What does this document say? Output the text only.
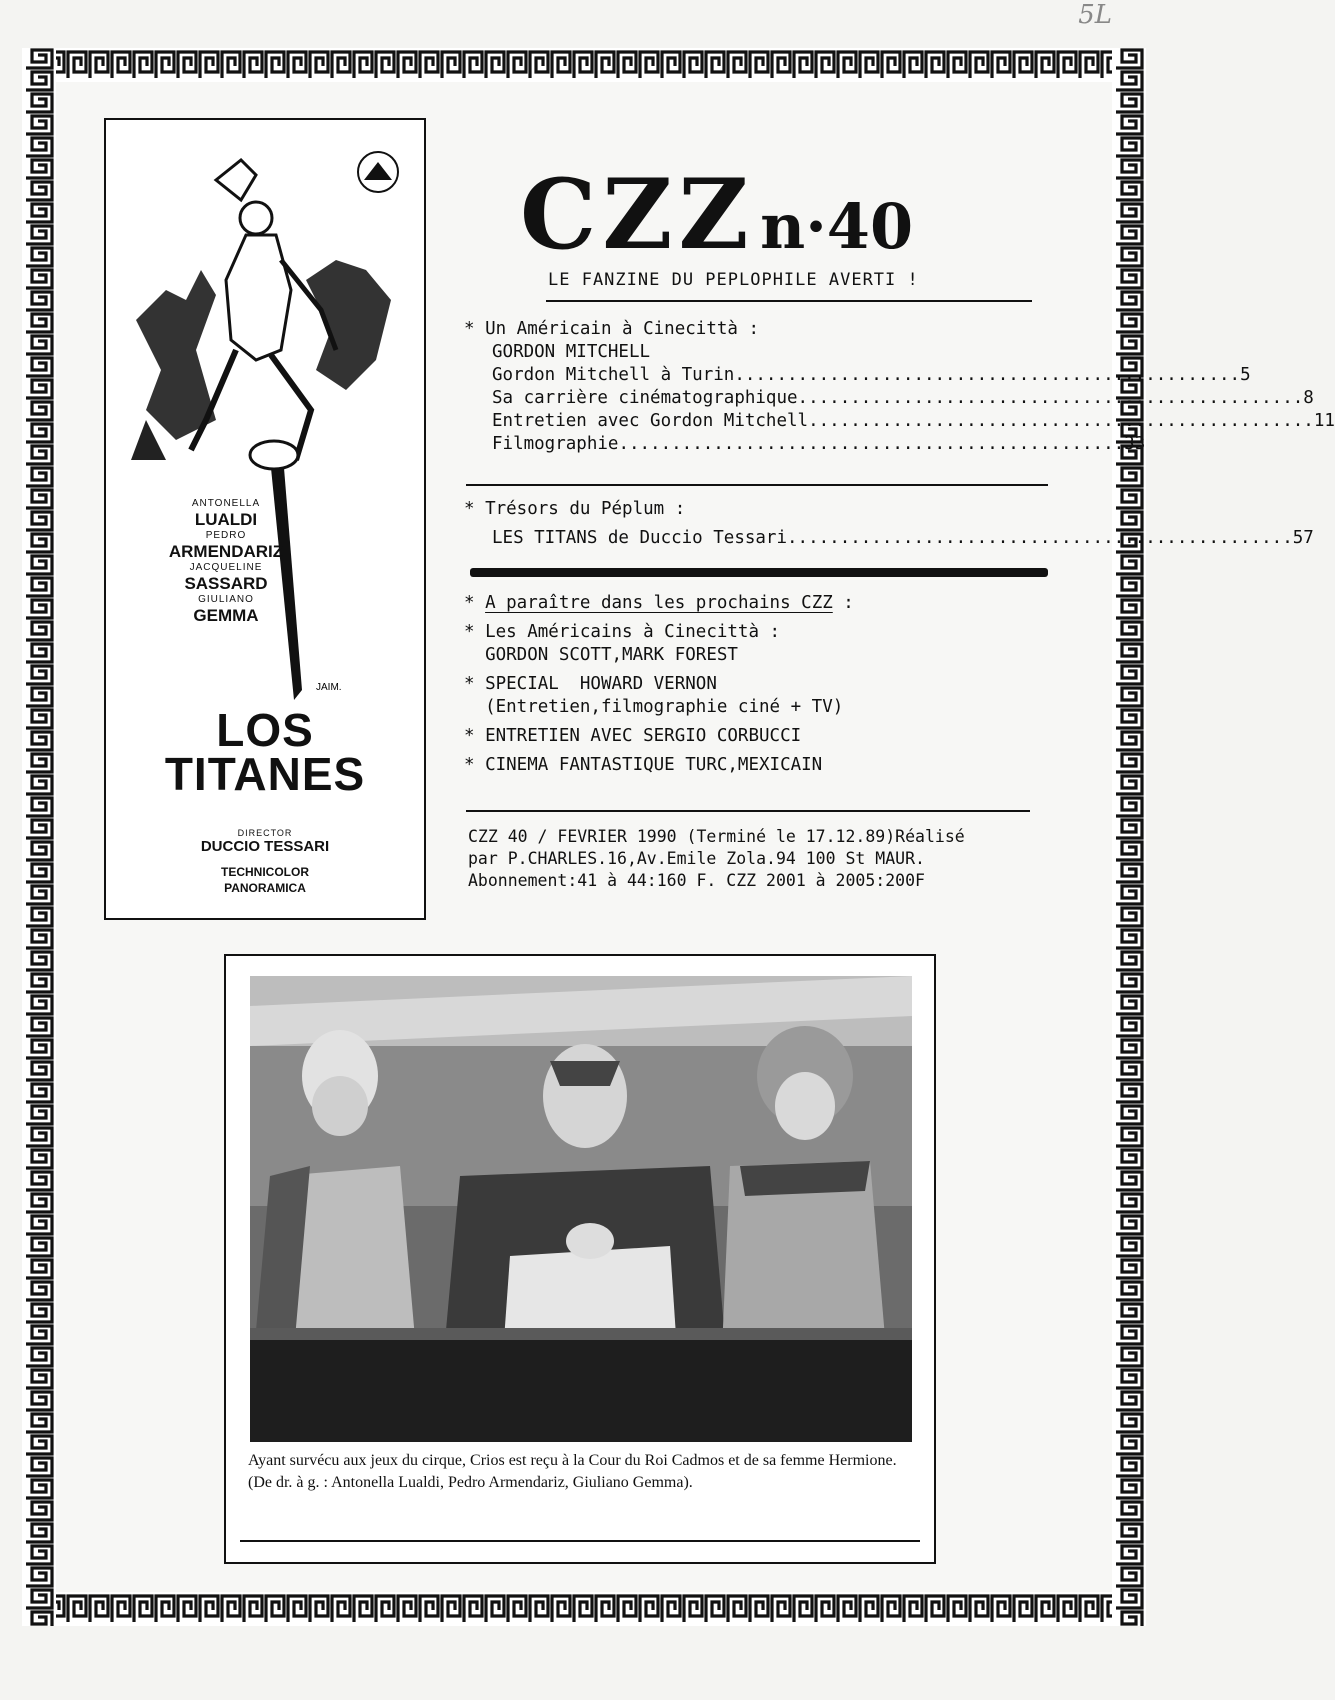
5L
JAIM.
ANTONELLA
LUALDI
PEDRO
ARMENDARIZ
JACQUELINE
SASSARD
GIULIANO
GEMMA
LOS
TITANES
DIRECTOR
DUCCIO TESSARI
TECHNICOLOR
PANORAMICA
CZZ n·40
LE FANZINE DU PEPLOPHILE AVERTI !
* Un Américain à Cinecittà :
GORDON MITCHELL
Gordon Mitchell à Turin ................................................ 5
Sa carrière cinématographique ................................................ 8
Entretien avec Gordon Mitchell ................................................ 11
Filmographie ................................................ 33
* Trésors du Péplum :
LES TITANS de Duccio Tessari ................................................ 57
* A paraître dans les prochains CZZ :
* Les Américains à Cinecittà :
GORDON SCOTT,MARK FOREST
* SPECIAL  HOWARD VERNON
(Entretien,filmographie ciné + TV)
* ENTRETIEN AVEC SERGIO CORBUCCI
* CINEMA FANTASTIQUE TURC,MEXICAIN
CZZ 40 / FEVRIER 1990 (Terminé le 17.12.89)Réalisé
par P.CHARLES.16,Av.Emile Zola.94 100 St MAUR.
Abonnement:41 à 44:160 F. CZZ 2001 à 2005:200F
Ayant survécu aux jeux du cirque, Crios est reçu à la Cour du Roi Cadmos et de sa femme Hermione. (De dr. à g. : Antonella Lualdi, Pedro Armendariz, Giuliano Gemma).
